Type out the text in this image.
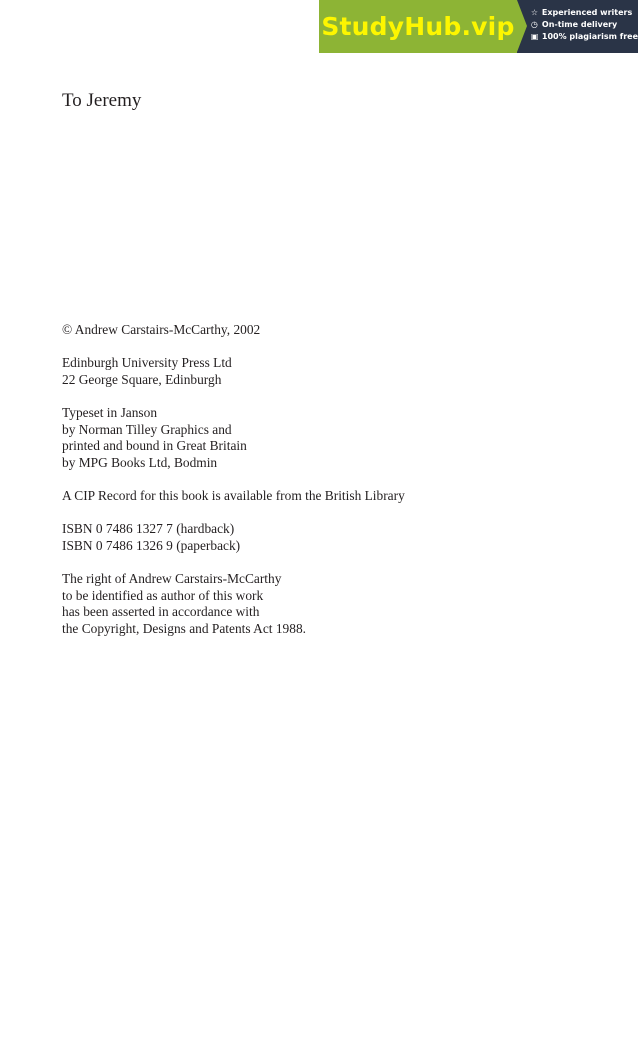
StudyHub.vip ☆ Experienced writers
◷ On-time delivery
▣ 100% plagiarism free
To Jeremy
© Andrew Carstairs-McCarthy, 2002
Edinburgh University Press Ltd
22 George Square, Edinburgh
Typeset in Janson
by Norman Tilley Graphics and
printed and bound in Great Britain
by MPG Books Ltd, Bodmin
A CIP Record for this book is available from the British Library
ISBN 0 7486 1327 7 (hardback)
ISBN 0 7486 1326 9 (paperback)
The right of Andrew Carstairs-McCarthy
to be identified as author of this work
has been asserted in accordance with
the Copyright, Designs and Patents Act 1988.
